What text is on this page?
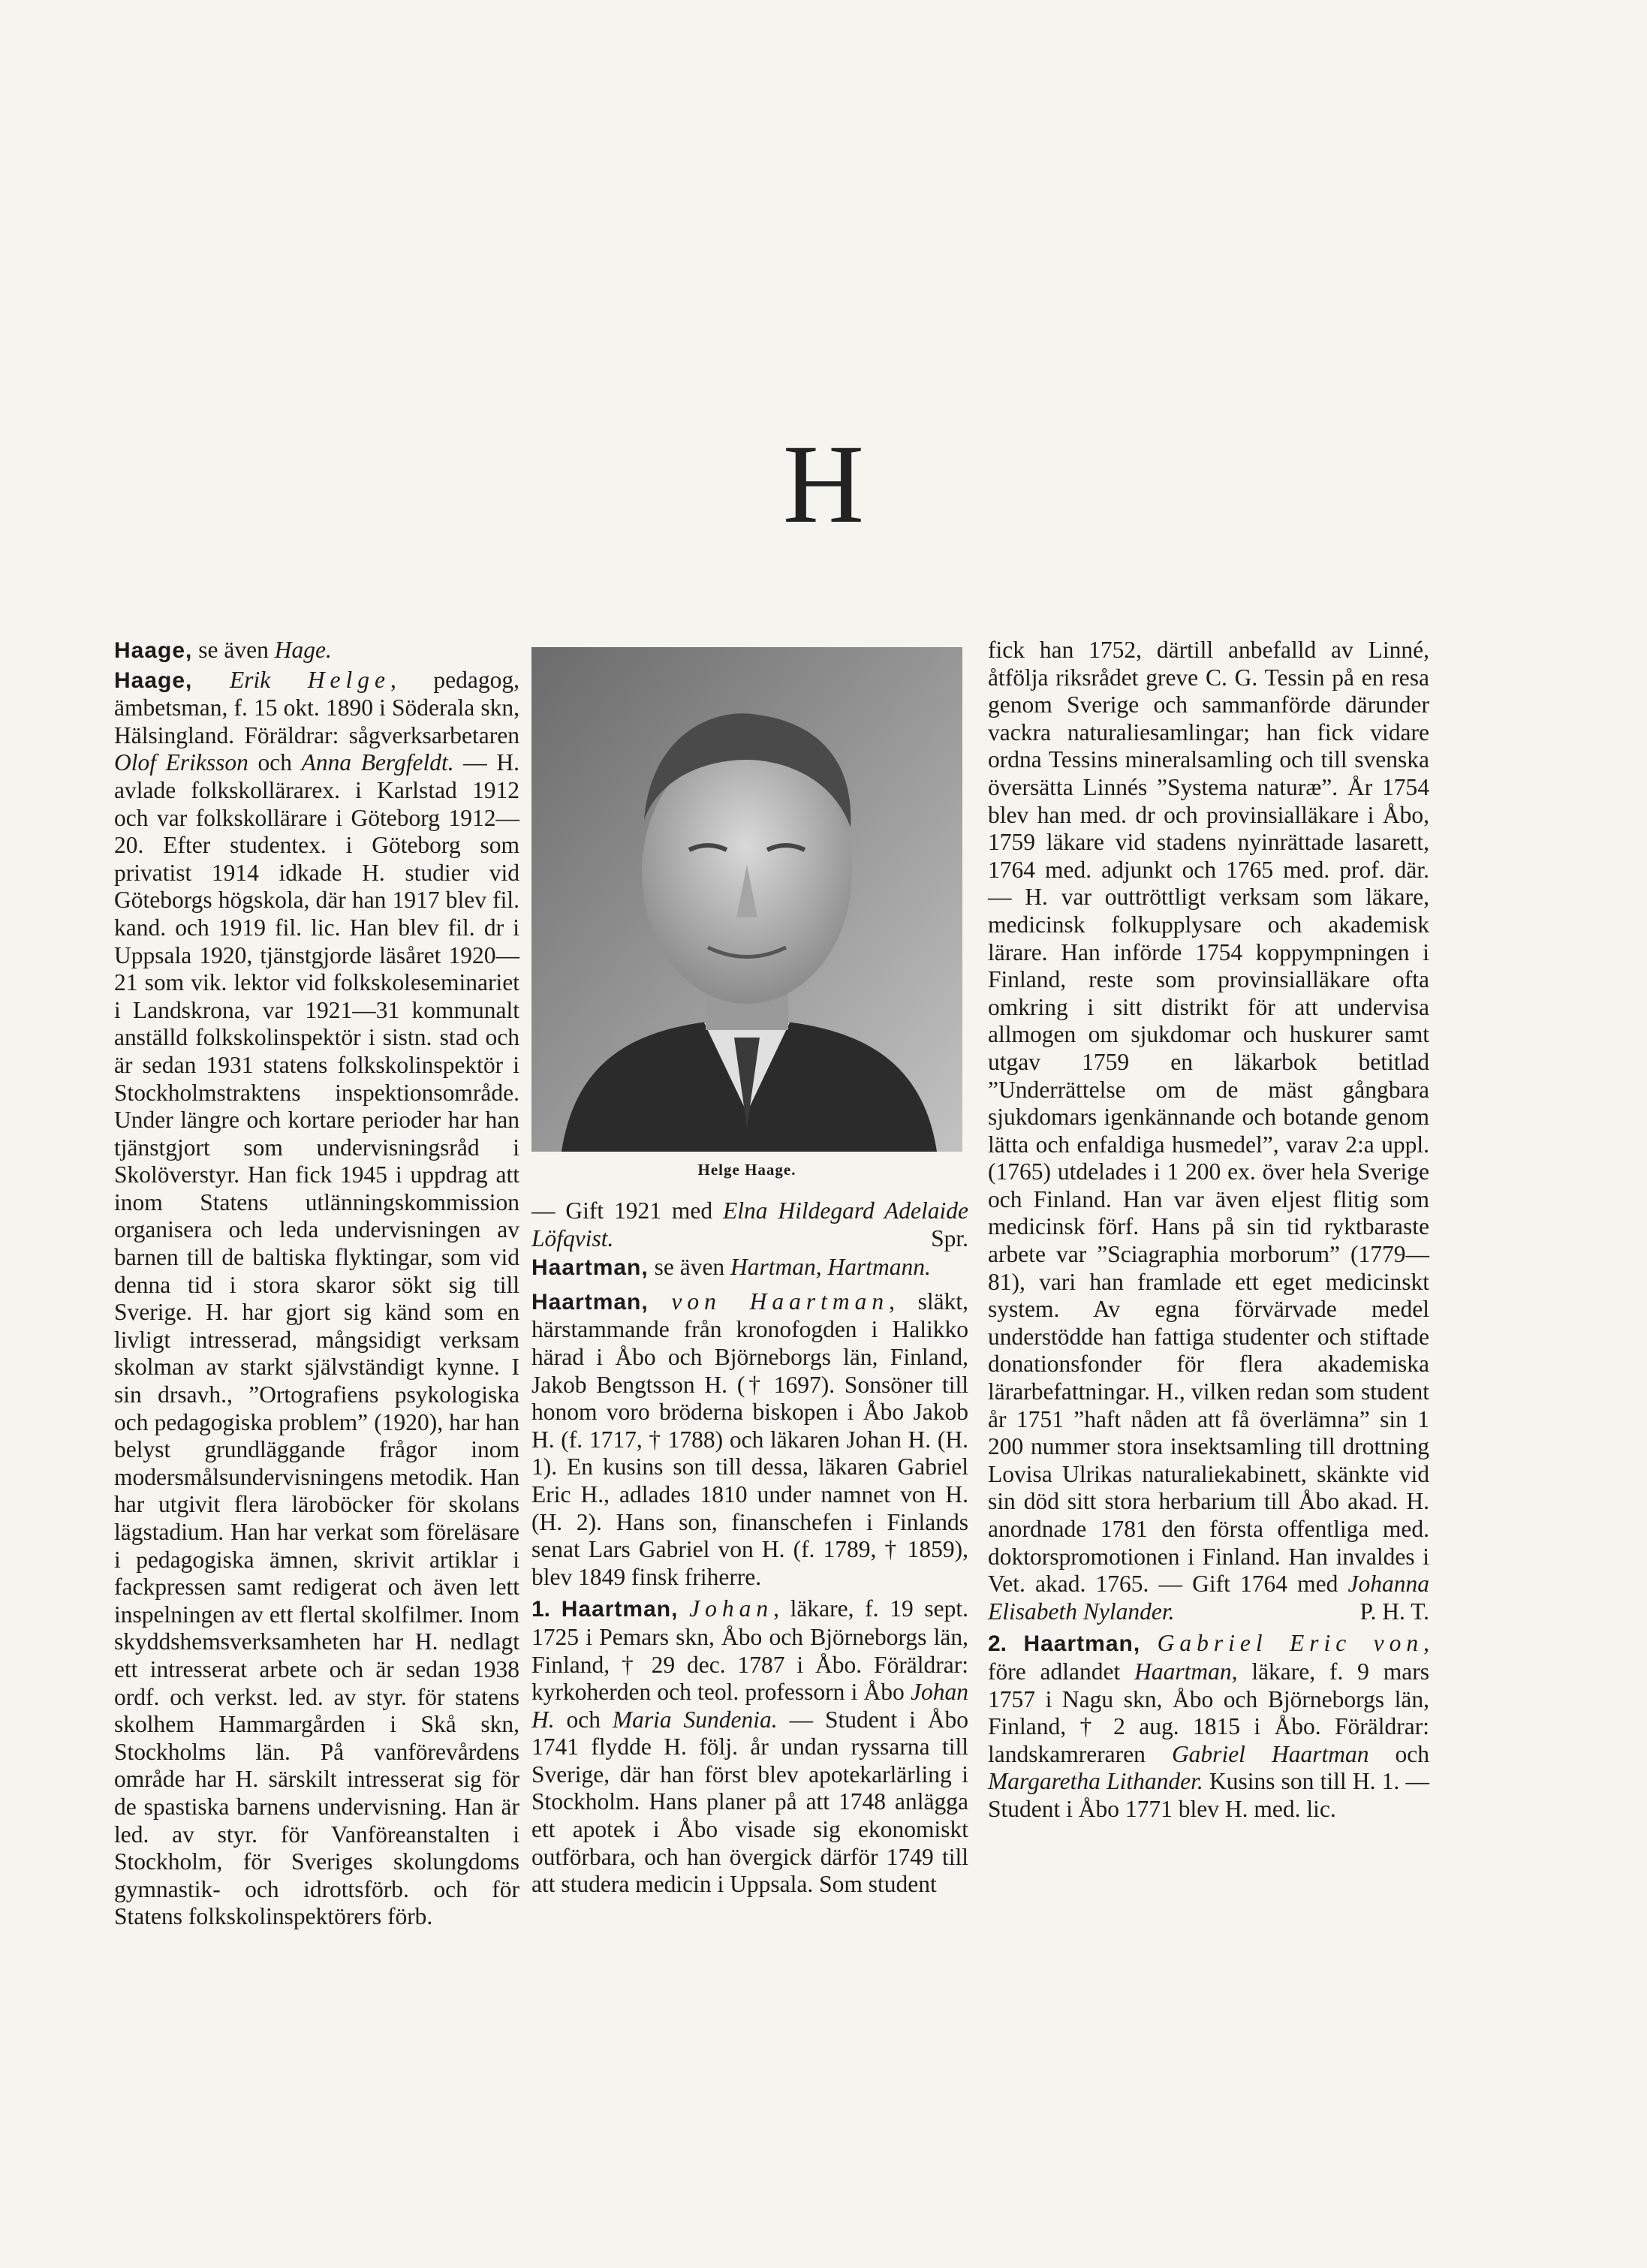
H

Haage, se även Hage.

Haage, Erik Helge, pedagog, ämbetsman, f. 15 okt. 1890 i Söderala skn, Hälsingland. Föräldrar: sågverksarbetaren Olof Eriksson och Anna Bergfeldt. — H. avlade folkskollärarex. i Karlstad 1912 och var folkskollärare i Göteborg 1912—20. Efter studentex. i Göteborg som privatist 1914 idkade H. studier vid Göteborgs högskola, där han 1917 blev fil. kand. och 1919 fil. lic. Han blev fil. dr i Uppsala 1920, tjänstgjorde läsåret 1920—21 som vik. lektor vid folkskoleseminariet i Landskrona, var 1921—31 kommunalt anställd folkskolinspektör i sistn. stad och är sedan 1931 statens folkskolinspektör i Stockholmstraktens inspektionsområde. Under längre och kortare perioder har han tjänstgjort som undervisningsråd i Skolöverstyr. Han fick 1945 i uppdrag att inom Statens utlänningskommission organisera och leda undervisningen av barnen till de baltiska flyktingar, som vid denna tid i stora skaror sökt sig till Sverige. H. har gjort sig känd som en livligt intresserad, mångsidigt verksam skolman av starkt självständigt kynne. I sin drsavh., ”Ortografiens psykologiska och pedagogiska problem” (1920), har han belyst grundläggande frågor inom modersmålsundervisningens metodik. Han har utgivit flera läroböcker för skolans lägstadium. Han har verkat som föreläsare i pedagogiska ämnen, skrivit artiklar i fackpressen samt redigerat och även lett inspelningen av ett flertal skolfilmer. Inom skyddshemsverksamheten har H. nedlagt ett intresserat arbete och är sedan 1938 ordf. och verkst. led. av styr. för statens skolhem Hammargården i Skå skn, Stockholms län. På vanförevårdens område har H. särskilt intresserat sig för de spastiska barnens undervisning. Han är led. av styr. för Vanföreanstalten i Stockholm, för Sveriges skolungdoms gymnastik- och idrottsförb. och för Statens folkskolinspektörers förb.

Helge Haage.

— Gift 1921 med Elna Hildegard Adelaide Löfqvist.	Spr.

Haartman, se även Hartman, Hartmann.

Haartman, von Haartman, släkt, härstammande från kronofogden i Halikko härad i Åbo och Björneborgs län, Finland, Jakob Bengtsson H. († 1697). Sonsöner till honom voro bröderna biskopen i Åbo Jakob H. (f. 1717, † 1788) och läkaren Johan H. (H. 1). En kusins son till dessa, läkaren Gabriel Eric H., adlades 1810 under namnet von H. (H. 2). Hans son, finanschefen i Finlands senat Lars Gabriel von H. (f. 1789, † 1859), blev 1849 finsk friherre.

1. Haartman, Johan, läkare, f. 19 sept. 1725 i Pemars skn, Åbo och Björneborgs län, Finland, † 29 dec. 1787 i Åbo. Föräldrar: kyrkoherden och teol. professorn i Åbo Johan H. och Maria Sundenia. — Student i Åbo 1741 flydde H. följ. år undan ryssarna till Sverige, där han först blev apotekarlärling i Stockholm. Hans planer på att 1748 anlägga ett apotek i Åbo visade sig ekonomiskt outförbara, och han övergick därför 1749 till att studera medicin i Uppsala. Som student

fick han 1752, därtill anbefalld av Linné, åtfölja riksrådet greve C. G. Tessin på en resa genom Sverige och sammanförde därunder vackra naturaliesamlingar; han fick vidare ordna Tessins mineralsamling och till svenska översätta Linnés ”Systema naturæ”. År 1754 blev han med. dr och provinsialläkare i Åbo, 1759 läkare vid stadens nyinrättade lasarett, 1764 med. adjunkt och 1765 med. prof. där. — H. var outtröttligt verksam som läkare, medicinsk folkupplysare och akademisk lärare. Han införde 1754 koppympningen i Finland, reste som provinsialläkare ofta omkring i sitt distrikt för att undervisa allmogen om sjukdomar och huskurer samt utgav 1759 en läkarbok betitlad ”Underrättelse om de mäst gångbara sjukdomars igenkännande och botande genom lätta och enfaldiga husmedel”, varav 2:a uppl. (1765) utdelades i 1 200 ex. över hela Sverige och Finland. Han var även eljest flitig som medicinsk förf. Hans på sin tid ryktbaraste arbete var ”Sciagraphia morborum” (1779—81), vari han framlade ett eget medicinskt system. Av egna förvärvade medel understödde han fattiga studenter och stiftade donationsfonder för flera akademiska lärarbefattningar. H., vilken redan som student år 1751 ”haft nåden att få överlämna” sin 1 200 nummer stora insektsamling till drottning Lovisa Ulrikas naturaliekabinett, skänkte vid sin död sitt stora herbarium till Åbo akad. H. anordnade 1781 den första offentliga med. doktorspromotionen i Finland. Han invaldes i Vet. akad. 1765. — Gift 1764 med Johanna Elisabeth Nylander.	P. H. T.

2. Haartman, Gabriel Eric von, före adlandet Haartman, läkare, f. 9 mars 1757 i Nagu skn, Åbo och Björneborgs län, Finland, † 2 aug. 1815 i Åbo. Föräldrar: landskamreraren Gabriel Haartman och Margaretha Lithander. Kusins son till H. 1. — Student i Åbo 1771 blev H. med. lic.
